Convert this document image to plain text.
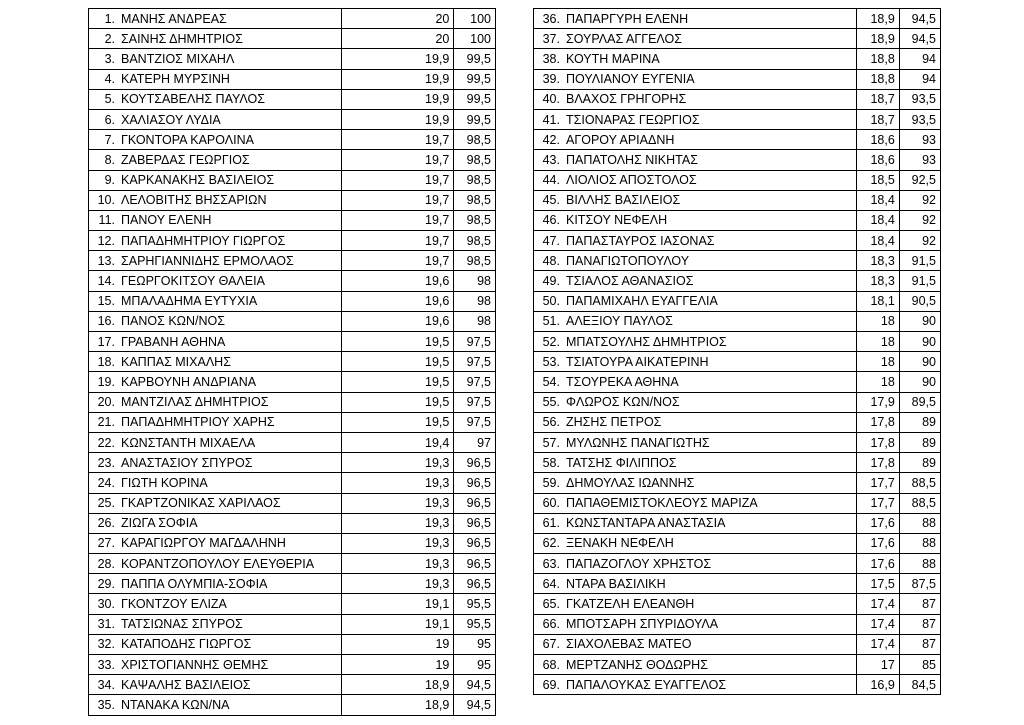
1. ΜΑΝΗΣ ΑΝΔΡΕΑΣ	20	100
2. ΣΑΙΝΗΣ ΔΗΜΗΤΡΙΟΣ	20	100
3. ΒΑΝΤΖΙΟΣ ΜΙΧΑΗΛ	19,9	99,5
4. ΚΑΤΕΡΗ ΜΥΡΣΙΝΗ	19,9	99,5
5. ΚΟΥΤΣΑΒΕΛΗΣ ΠΑΥΛΟΣ	19,9	99,5
6. ΧΑΛΙΑΣΟΥ ΛΥΔΙΑ	19,9	99,5
7. ΓΚΟΝΤΟΡΑ ΚΑΡΟΛΙΝΑ	19,7	98,5
8. ΖΑΒΕΡΔΑΣ ΓΕΩΡΓΙΟΣ	19,7	98,5
9. ΚΑΡΚΑΝΑΚΗΣ ΒΑΣΙΛΕΙΟΣ	19,7	98,5
10. ΛΕΛΟΒΙΤΗΣ ΒΗΣΣΑΡΙΩΝ	19,7	98,5
11. ΠΑΝΟΥ ΕΛΕΝΗ	19,7	98,5
12. ΠΑΠΑΔΗΜΗΤΡΙΟΥ ΓΙΩΡΓΟΣ	19,7	98,5
13. ΣΑΡΗΓΙΑΝΝΙΔΗΣ ΕΡΜΟΛΑΟΣ	19,7	98,5
14. ΓΕΩΡΓΟΚΙΤΣΟΥ ΘΑΛΕΙΑ	19,6	98
15. ΜΠΑΛΑΔΗΜΑ ΕΥΤΥΧΙΑ	19,6	98
16. ΠΑΝΟΣ ΚΩΝ/ΝΟΣ	19,6	98
17. ΓΡΑΒΑΝΗ ΑΘΗΝΑ	19,5	97,5
18. ΚΑΠΠΑΣ ΜΙΧΑΛΗΣ	19,5	97,5
19. ΚΑΡΒΟΥΝΗ ΑΝΔΡΙΑΝΑ	19,5	97,5
20. ΜΑΝΤΖΙΛΑΣ ΔΗΜΗΤΡΙΟΣ	19,5	97,5
21. ΠΑΠΑΔΗΜΗΤΡΙΟΥ ΧΑΡΗΣ	19,5	97,5
22. ΚΩΝΣΤΑΝΤΗ ΜΙΧΑΕΛΑ	19,4	97
23. ΑΝΑΣΤΑΣΙΟΥ ΣΠΥΡΟΣ	19,3	96,5
24. ΓΙΩΤΗ ΚΟΡΙΝΑ	19,3	96,5
25. ΓΚΑΡΤΖΟΝΙΚΑΣ ΧΑΡΙΛΑΟΣ	19,3	96,5
26. ΖΙΩΓΑ ΣΟΦΙΑ	19,3	96,5
27. ΚΑΡΑΓΙΩΡΓΟΥ ΜΑΓΔΑΛΗΝΗ	19,3	96,5
28. ΚΟΡΑΝΤΖΟΠΟΥΛΟΥ ΕΛΕΥΘΕΡΙΑ	19,3	96,5
29. ΠΑΠΠΑ ΟΛΥΜΠΙΑ-ΣΟΦΙΑ	19,3	96,5
30. ΓΚΟΝΤΖΟΥ ΕΛΙΖΑ	19,1	95,5
31. ΤΑΤΣΙΩΝΑΣ ΣΠΥΡΟΣ	19,1	95,5
32. ΚΑΤΑΠΟΔΗΣ ΓΙΩΡΓΟΣ	19	95
33. ΧΡΙΣΤΟΓΙΑΝΝΗΣ ΘΕΜΗΣ	19	95
34. ΚΑΨΑΛΗΣ ΒΑΣΙΛΕΙΟΣ	18,9	94,5
35. ΝΤΑΝΑΚΑ ΚΩΝ/ΝΑ	18,9	94,5
36. ΠΑΠΑΡΓΥΡΗ ΕΛΕΝΗ	18,9	94,5
37. ΣΟΥΡΛΑΣ ΑΓΓΕΛΟΣ	18,9	94,5
38. ΚΟΥΤΗ ΜΑΡΙΝΑ	18,8	94
39. ΠΟΥΛΙΑΝΟΥ ΕΥΓΕΝΙΑ	18,8	94
40. ΒΛΑΧΟΣ ΓΡΗΓΟΡΗΣ	18,7	93,5
41. ΤΣΙΟΝΑΡΑΣ ΓΕΩΡΓΙΟΣ	18,7	93,5
42. ΑΓΟΡΟΥ ΑΡΙΑΔΝΗ	18,6	93
43. ΠΑΠΑΤΟΛΗΣ ΝΙΚΗΤΑΣ	18,6	93
44. ΛΙΟΛΙΟΣ ΑΠΟΣΤΟΛΟΣ	18,5	92,5
45. ΒΙΛΛΗΣ ΒΑΣΙΛΕΙΟΣ	18,4	92
46. ΚΙΤΣΟΥ ΝΕΦΕΛΗ	18,4	92
47. ΠΑΠΑΣΤΑΥΡΟΣ ΙΑΣΟΝΑΣ	18,4	92
48. ΠΑΝΑΓΙΩΤΟΠΟΥΛΟΥ	18,3	91,5
49. ΤΣΙΑΛΟΣ ΑΘΑΝΑΣΙΟΣ	18,3	91,5
50. ΠΑΠΑΜΙΧΑΗΛ ΕΥΑΓΓΕΛΙΑ	18,1	90,5
51. ΑΛΕΞΙΟΥ ΠΑΥΛΟΣ	18	90
52. ΜΠΑΤΣΟΥΛΗΣ ΔΗΜΗΤΡΙΟΣ	18	90
53. ΤΣΙΑΤΟΥΡΑ ΑΙΚΑΤΕΡΙΝΗ	18	90
54. ΤΣΟΥΡΕΚΑ ΑΘΗΝΑ	18	90
55. ΦΛΩΡΟΣ ΚΩΝ/ΝΟΣ	17,9	89,5
56. ΖΗΣΗΣ ΠΕΤΡΟΣ	17,8	89
57. ΜΥΛΩΝΗΣ ΠΑΝΑΓΙΩΤΗΣ	17,8	89
58. ΤΑΤΣΗΣ ΦΙΛΙΠΠΟΣ	17,8	89
59. ΔΗΜΟΥΛΑΣ ΙΩΑΝΝΗΣ	17,7	88,5
60. ΠΑΠΑΘΕΜΙΣΤΟΚΛΕΟΥΣ ΜΑΡΙΖΑ	17,7	88,5
61. ΚΩΝΣΤΑΝΤΑΡΑ ΑΝΑΣΤΑΣΙΑ	17,6	88
62. ΞΕΝΑΚΗ ΝΕΦΕΛΗ	17,6	88
63. ΠΑΠΑΖΟΓΛΟΥ ΧΡΗΣΤΟΣ	17,6	88
64. ΝΤΑΡΑ ΒΑΣΙΛΙΚΗ	17,5	87,5
65. ΓΚΑΤΖΕΛΗ ΕΛΕΑΝΘΗ	17,4	87
66. ΜΠΟΤΣΑΡΗ ΣΠΥΡΙΔΟΥΛΑ	17,4	87
67. ΣΙΑΧΟΛΕΒΑΣ ΜΑΤΕΟ	17,4	87
68. ΜΕΡΤΖΑΝΗΣ ΘΟΔΩΡΗΣ	17	85
69. ΠΑΠΑΛΟΥΚΑΣ ΕΥΑΓΓΕΛΟΣ	16,9	84,5
